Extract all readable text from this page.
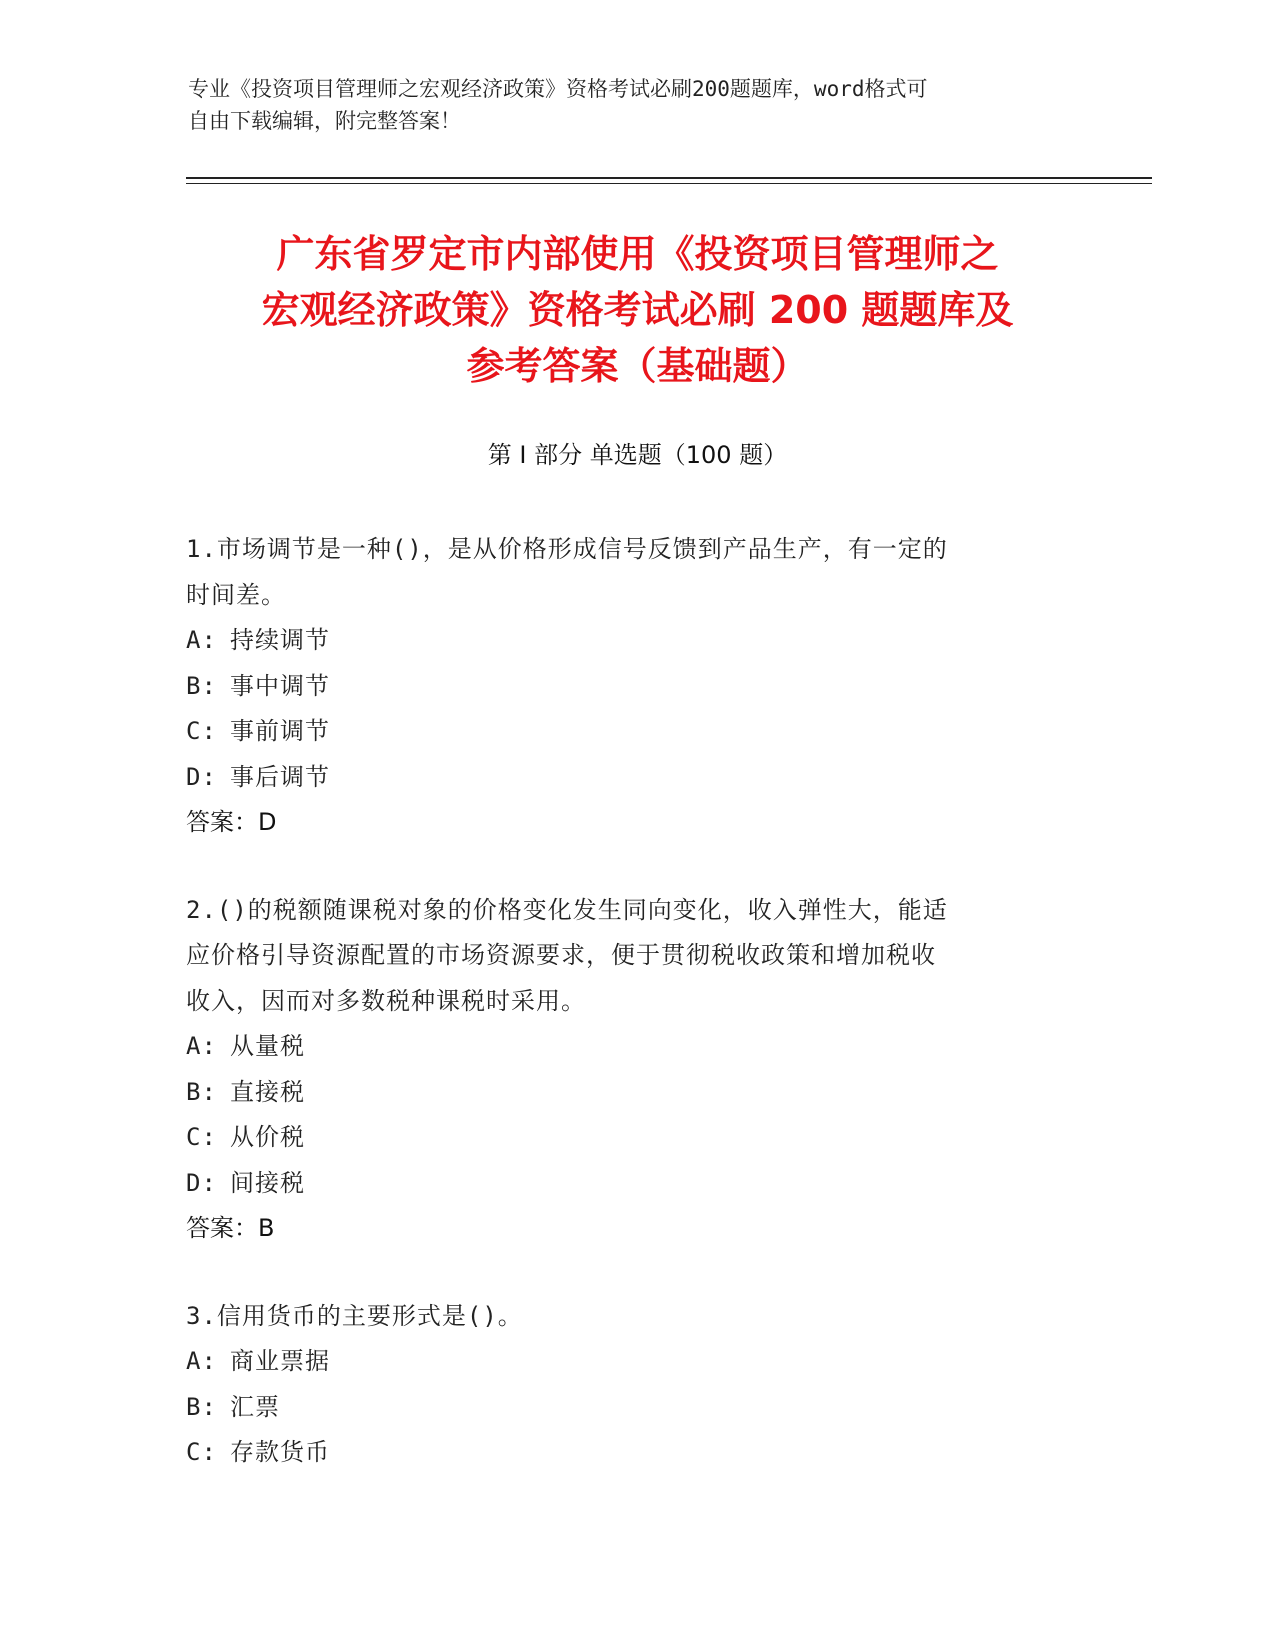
专业《投资项目管理师之宏观经济政策》资格考试必刷200题题库，word格式可
自由下载编辑，附完整答案！
广东省罗定市内部使用《投资项目管理师之
宏观经济政策》资格考试必刷 200 题题库及
参考答案（基础题）
第 I 部分 单选题（100 题）
1.市场调节是一种()，是从价格形成信号反馈到产品生产，有一定的
时间差。
A: 持续调节
B: 事中调节
C: 事前调节
D: 事后调节
答案：D
2.()的税额随课税对象的价格变化发生同向变化，收入弹性大，能适
应价格引导资源配置的市场资源要求，便于贯彻税收政策和增加税收
收入，因而对多数税种课税时采用。
A: 从量税
B: 直接税
C: 从价税
D: 间接税
答案：B
3.信用货币的主要形式是()。
A: 商业票据
B: 汇票
C: 存款货币
